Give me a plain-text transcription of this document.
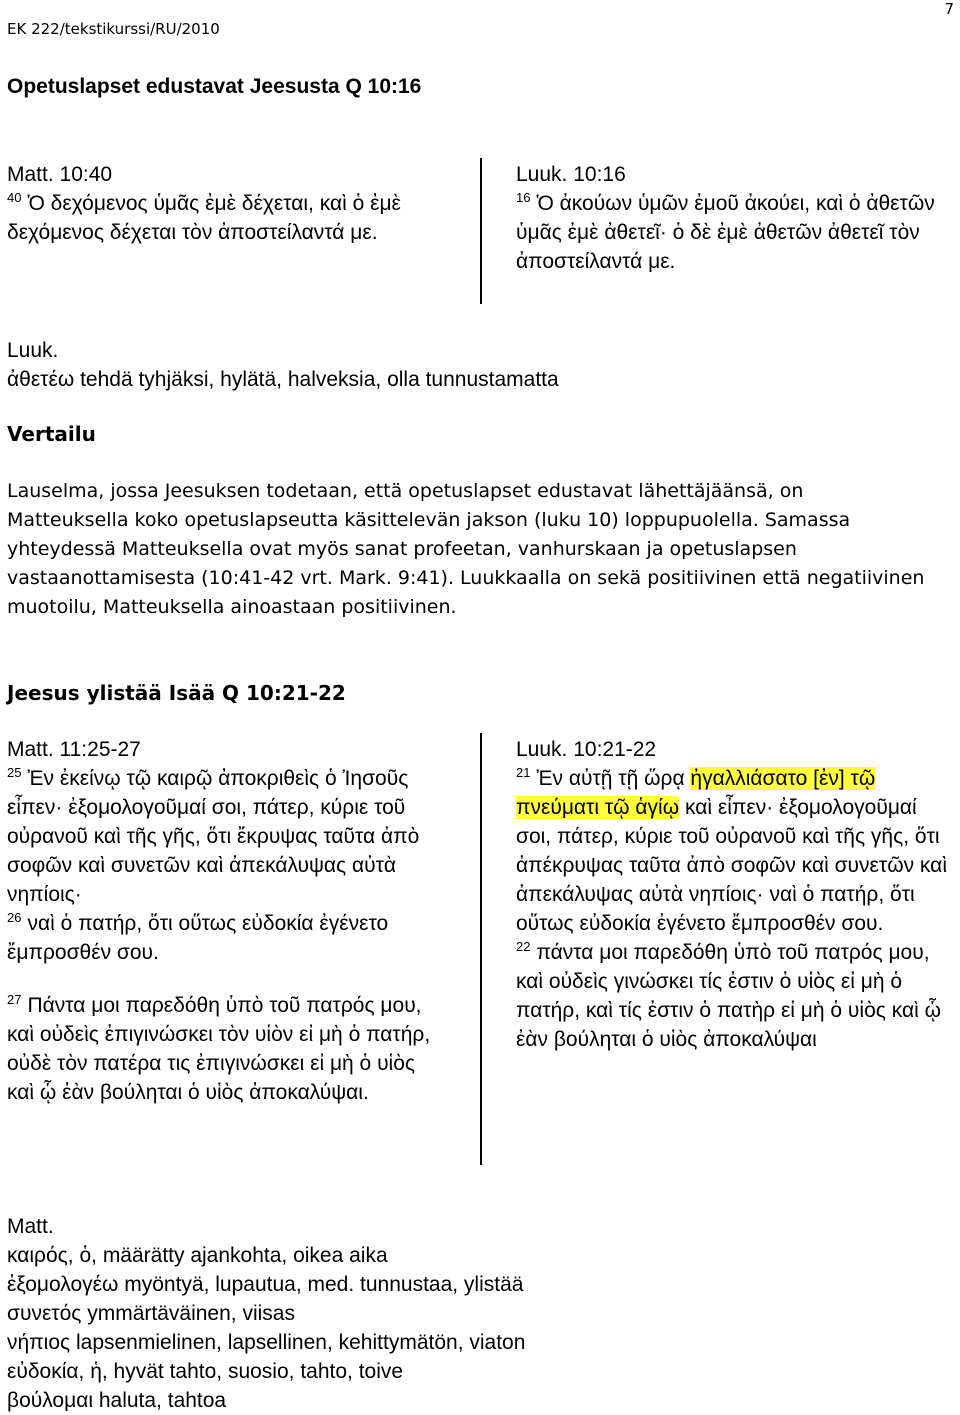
EK 222/tekstikurssi/RU/2010
7
Opetuslapset edustavat Jeesusta Q 10:16
Matt. 10:40
$^{40}$ Ὁ δεχόμενος ὑμᾶς ἐμὲ δέχεται, καὶ ὁ ἐμὲ δεχόμενος δέχεται τὸν ἀποστείλαντά με.
Luuk. 10:16
$^{16}$ Ὁ ἀκούων ὑμῶν ἐμοῦ ἀκούει, καὶ ὁ ἀθετῶν ὑμᾶς ἐμὲ ἀθετεῖ· ὁ δὲ ἐμὲ ἀθετῶν ἀθετεῖ τὸν ἀποστείλαντά με.
Luuk.
ἀθετέω tehdä tyhjäksi, hylätä, halveksia, olla tunnustamatta
Vertailu
Lauselma, jossa Jeesuksen todetaan, että opetuslapset edustavat lähettäjäänsä, on Matteuksella koko opetuslapseutta käsittelevän jakson (luku 10) loppupuolella. Samassa yhteydessä Matteuksella ovat myös sanat profeetan, vanhurskaan ja opetuslapsen vastaanottamisesta (10:41-42 vrt. Mark. 9:41). Luukkaalla on sekä positiivinen että negatiivinen muotoilu, Matteuksella ainoastaan positiivinen.
Jeesus ylistää Isää Q 10:21-22
Matt. 11:25-27
$^{25}$ Ἐν ἐκείνῳ τῷ καιρῷ ἀποκριθεὶς ὁ Ἰησοῦς εἶπεν· ἐξομολογοῦμαί σοι, πάτερ, κύριε τοῦ οὐρανοῦ καὶ τῆς γῆς, ὅτι ἔκρυψας ταῦτα ἀπὸ σοφῶν καὶ συνετῶν καὶ ἀπεκάλυψας αὐτὰ νηπίοις·
$^{26}$ ναὶ ὁ πατήρ, ὅτι οὕτως εὐδοκία ἐγένετο ἔμπροσθέν σου.
$^{27}$ Πάντα μοι παρεδόθη ὑπὸ τοῦ πατρός μου, καὶ οὐδεὶς ἐπιγινώσκει τὸν υἱὸν εἰ μὴ ὁ πατήρ, οὐδὲ τὸν πατέρα τις ἐπιγινώσκει εἰ μὴ ὁ υἱὸς καὶ ᾧ ἐὰν βούληται ὁ υἱὸς ἀποκαλύψαι.
Luuk. 10:21-22
$^{21}$ Ἐν αὐτῇ τῇ ὥρᾳ ἠγαλλιάσατο [ἐν] τῷ πνεύματι τῷ ἁγίῳ καὶ εἶπεν· ἐξομολογοῦμαί σοι, πάτερ, κύριε τοῦ οὐρανοῦ καὶ τῆς γῆς, ὅτι ἀπέκρυψας ταῦτα ἀπὸ σοφῶν καὶ συνετῶν καὶ ἀπεκάλυψας αὐτὰ νηπίοις· ναὶ ὁ πατήρ, ὅτι οὕτως εὐδοκία ἐγένετο ἔμπροσθέν σου.
$^{22}$ πάντα μοι παρεδόθη ὑπὸ τοῦ πατρός μου, καὶ οὐδεὶς γινώσκει τίς ἐστιν ὁ υἱὸς εἰ μὴ ὁ πατήρ, καὶ τίς ἐστιν ὁ πατὴρ εἰ μὴ ὁ υἱὸς καὶ ᾧ ἐὰν βούληται ὁ υἱὸς ἀποκαλύψαι
Matt.
καιρός, ὁ, määrätty ajankohta, oikea aika
ἐξομολογέω myöntyä, lupautua, med. tunnustaa, ylistää
συνετός ymmärtäväinen, viisas
νήπιος lapsenmielinen, lapsellinen, kehittymätön, viaton
εὐδοκία, ἡ, hyvät tahto, suosio, tahto, toive
βούλομαι haluta, tahtoa
